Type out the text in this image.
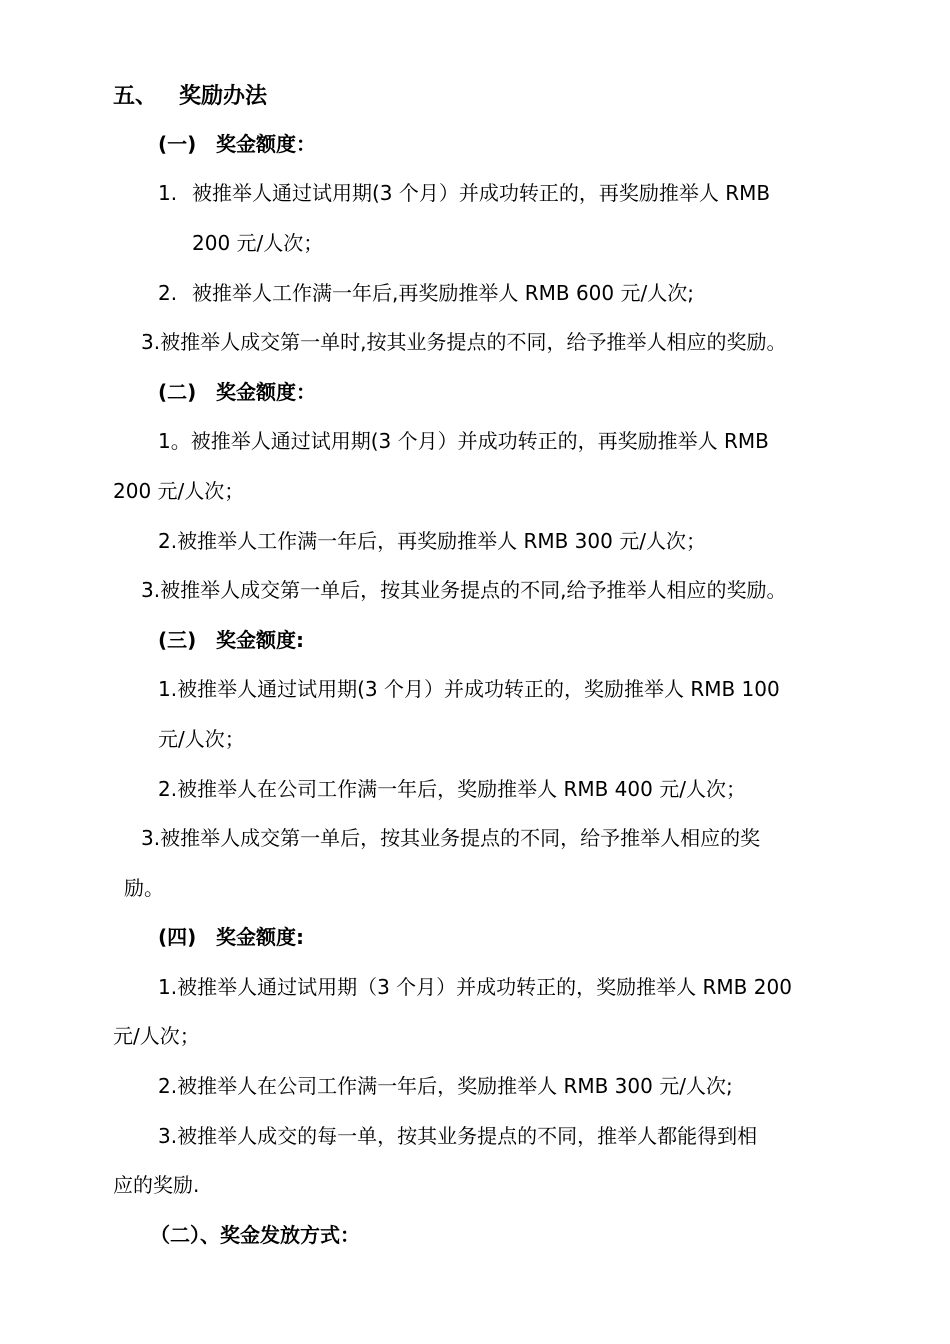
五、 奖励办法
(一) 奖金额度：
1. 被推举人通过试用期(3 个月）并成功转正的，再奖励推举人 RMB
200 元/人次；
2. 被推举人工作满一年后,再奖励推举人 RMB 600 元/人次;
3.被推举人成交第一单时,按其业务提点的不同，给予推举人相应的奖励。
(二) 奖金额度：
1。被推举人通过试用期(3 个月）并成功转正的，再奖励推举人 RMB
200 元/人次；
2.被推举人工作满一年后，再奖励推举人 RMB 300 元/人次；
3.被推举人成交第一单后，按其业务提点的不同,给予推举人相应的奖励。
(三) 奖金额度:
1.被推举人通过试用期(3 个月）并成功转正的，奖励推举人 RMB 100
元/人次；
2.被推举人在公司工作满一年后，奖励推举人 RMB 400 元/人次；
3.被推举人成交第一单后，按其业务提点的不同，给予推举人相应的奖
励。
(四) 奖金额度:
1.被推举人通过试用期（3 个月）并成功转正的，奖励推举人 RMB 200
元/人次；
2.被推举人在公司工作满一年后，奖励推举人 RMB 300 元/人次;
3.被推举人成交的每一单，按其业务提点的不同，推举人都能得到相
应的奖励.
（二）、奖金发放方式：
